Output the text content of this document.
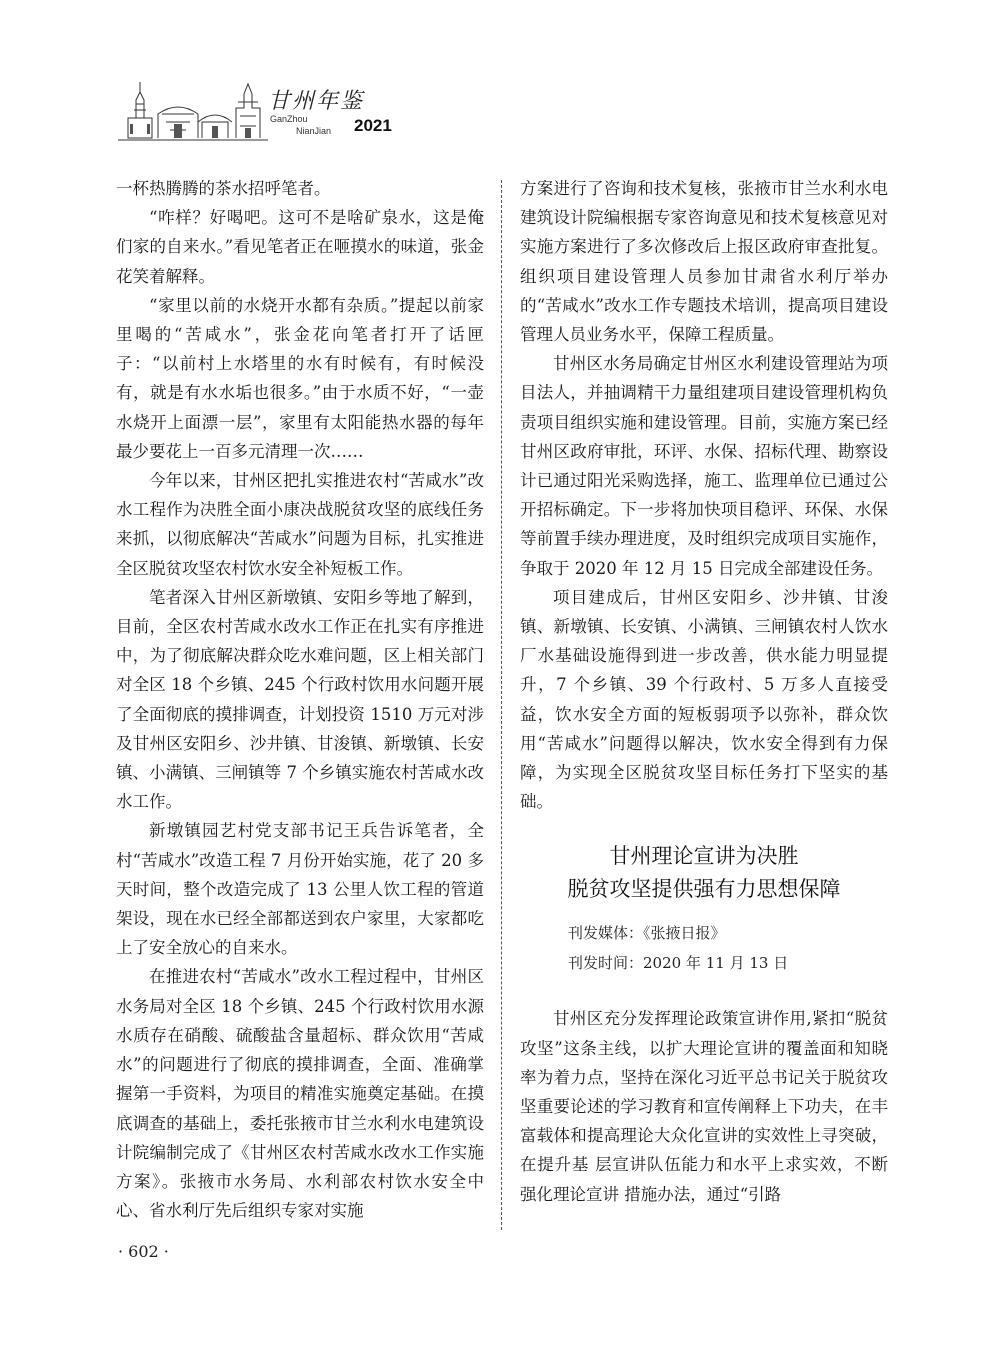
甘州年鉴
GanZhou
NianJian 2021

一杯热腾腾的茶水招呼笔者。

“咋样？好喝吧。这可不是啥矿泉水，这是俺们家的自来水。”看见笔者正在咂摸水的味道，张金花笑着解释。

“家里以前的水烧开水都有杂质。”提起以前家里喝的“苦咸水”，张金花向笔者打开了话匣子：“以前村上水塔里的水有时候有，有时候没有，就是有水水垢也很多。”由于水质不好，“一壶水烧开上面漂一层”，家里有太阳能热水器的每年最少要花上一百多元清理一次……

今年以来，甘州区把扎实推进农村“苦咸水”改水工程作为决胜全面小康决战脱贫攻坚的底线任务来抓，以彻底解决“苦咸水”问题为目标，扎实推进全区脱贫攻坚农村饮水安全补短板工作。

笔者深入甘州区新墩镇、安阳乡等地了解到，目前，全区农村苦咸水改水工作正在扎实有序推进中，为了彻底解决群众吃水难问题，区上相关部门对全区 18 个乡镇、245 个行政村饮用水问题开展了全面彻底的摸排调查，计划投资 1510 万元对涉及甘州区安阳乡、沙井镇、甘浚镇、新墩镇、长安镇、小满镇、三闸镇等 7 个乡镇实施农村苦咸水改水工作。

新墩镇园艺村党支部书记王兵告诉笔者，全村“苦咸水”改造工程 7 月份开始实施，花了 20 多天时间，整个改造完成了 13 公里人饮工程的管道架设，现在水已经全部都送到农户家里，大家都吃上了安全放心的自来水。

在推进农村“苦咸水”改水工程过程中，甘州区水务局对全区 18 个乡镇、245 个行政村饮用水源水质存在硝酸、硫酸盐含量超标、群众饮用“苦咸水”的问题进行了彻底的摸排调查，全面、准确掌握第一手资料，为项目的精准实施奠定基础。在摸底调查的基础上，委托张掖市甘兰水利水电建筑设计院编制完成了《甘州区农村苦咸水改水工作实施方案》。张掖市水务局、水利部农村饮水安全中心、省水利厅先后组织专家对实施

方案进行了咨询和技术复核，张掖市甘兰水利水电建筑设计院编根据专家咨询意见和技术复核意见对实施方案进行了多次修改后上报区政府审查批复。组织项目建设管理人员参加甘肃省水利厅举办的“苦咸水”改水工作专题技术培训，提高项目建设管理人员业务水平，保障工程质量。

甘州区水务局确定甘州区水利建设管理站为项目法人，并抽调精干力量组建项目建设管理机构负责项目组织实施和建设管理。目前，实施方案已经甘州区政府审批，环评、水保、招标代理、勘察设计已通过阳光采购选择，施工、监理单位已通过公开招标确定。下一步将加快项目稳评、环保、水保等前置手续办理进度，及时组织完成项目实施作，争取于 2020 年 12 月 15 日完成全部建设任务。

项目建成后，甘州区安阳乡、沙井镇、甘浚镇、新墩镇、长安镇、小满镇、三闸镇农村人饮水厂水基础设施得到进一步改善，供水能力明显提升，7 个乡镇、39 个行政村、5 万多人直接受益，饮水安全方面的短板弱项予以弥补，群众饮用“苦咸水”问题得以解决，饮水安全得到有力保障，为实现全区脱贫攻坚目标任务打下坚实的基础。

甘州理论宣讲为决胜

脱贫攻坚提供强有力思想保障

刊发媒体：《张掖日报》

刊发时间：2020 年 11 月 13 日

甘州区充分发挥理论政策宣讲作用,紧扣“脱贫攻坚”这条主线，以扩大理论宣讲的覆盖面和知晓率为着力点，坚持在深化习近平总书记关于脱贫攻坚重要论述的学习教育和宣传阐释上下功夫，在丰富载体和提高理论大众化宣讲的实效性上寻突破，在提升基 层宣讲队伍能力和水平上求实效，不断强化理论宣讲 措施办法，通过“引路

· 602 ·
